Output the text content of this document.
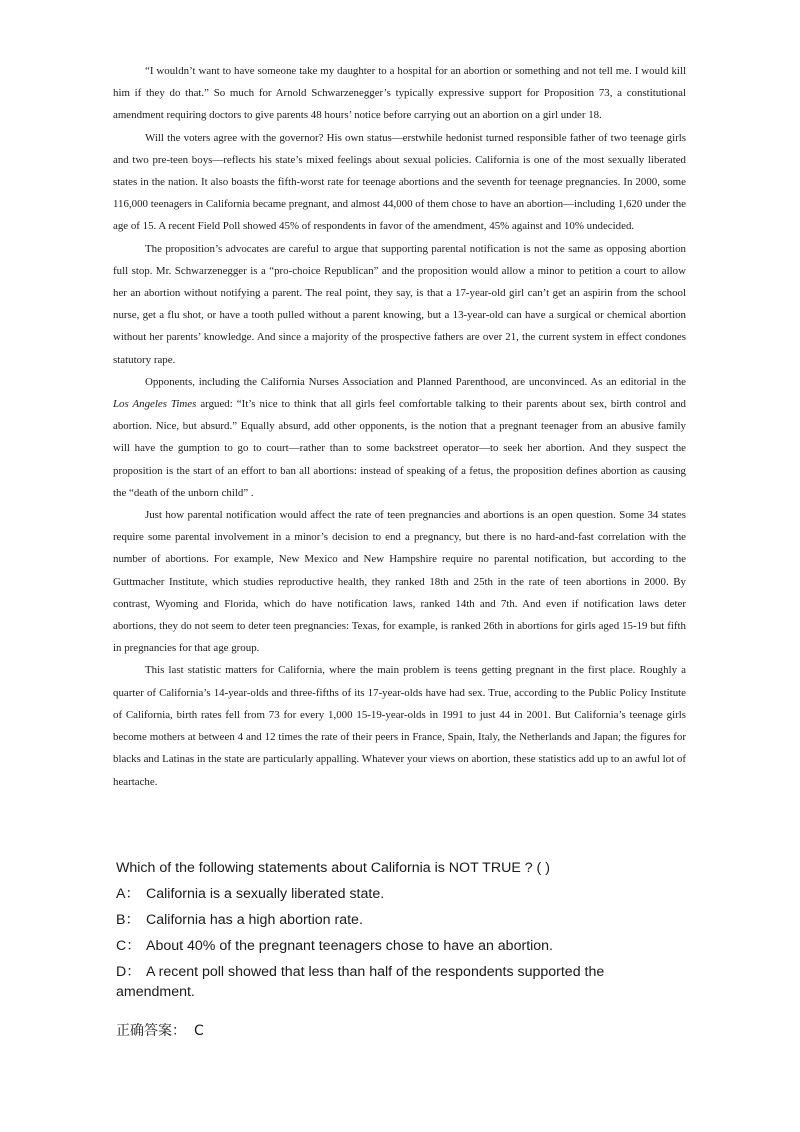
“I wouldn’t want to have someone take my daughter to a hospital for an abortion or something and not tell me. I would kill him if they do that.” So much for Arnold Schwarzenegger’s typically expressive support for Proposition 73, a constitutional amendment requiring doctors to give parents 48 hours’ notice before carrying out an abortion on a girl under 18.

Will the voters agree with the governor? His own status—erstwhile hedonist turned responsible father of two teenage girls and two pre-teen boys—reflects his state’s mixed feelings about sexual policies. California is one of the most sexually liberated states in the nation. It also boasts the fifth-worst rate for teenage abortions and the seventh for teenage pregnancies. In 2000, some 116,000 teenagers in California became pregnant, and almost 44,000 of them chose to have an abortion—including 1,620 under the age of 15. A recent Field Poll showed 45% of respondents in favor of the amendment, 45% against and 10% undecided.

The proposition’s advocates are careful to argue that supporting parental notification is not the same as opposing abortion full stop. Mr. Schwarzenegger is a “pro-choice Republican” and the proposition would allow a minor to petition a court to allow her an abortion without notifying a parent. The real point, they say, is that a 17-year-old girl can’t get an aspirin from the school nurse, get a flu shot, or have a tooth pulled without a parent knowing, but a 13-year-old can have a surgical or chemical abortion without her parents’ knowledge. And since a majority of the prospective fathers are over 21, the current system in effect condones statutory rape.

Opponents, including the California Nurses Association and Planned Parenthood, are unconvinced. As an editorial in the Los Angeles Times argued: “It’s nice to think that all girls feel comfortable talking to their parents about sex, birth control and abortion. Nice, but absurd.” Equally absurd, add other opponents, is the notion that a pregnant teenager from an abusive family will have the gumption to go to court—rather than to some backstreet operator—to seek her abortion. And they suspect the proposition is the start of an effort to ban all abortions: instead of speaking of a fetus, the proposition defines abortion as causing the “death of the unborn child” .

Just how parental notification would affect the rate of teen pregnancies and abortions is an open question. Some 34 states require some parental involvement in a minor’s decision to end a pregnancy, but there is no hard-and-fast correlation with the number of abortions. For example, New Mexico and New Hampshire require no parental notification, but according to the Guttmacher Institute, which studies reproductive health, they ranked 18th and 25th in the rate of teen abortions in 2000. By contrast, Wyoming and Florida, which do have notification laws, ranked 14th and 7th. And even if notification laws deter abortions, they do not seem to deter teen pregnancies: Texas, for example, is ranked 26th in abortions for girls aged 15-19 but fifth in pregnancies for that age group.

This last statistic matters for California, where the main problem is teens getting pregnant in the first place. Roughly a quarter of California’s 14-year-olds and three-fifths of its 17-year-olds have had sex. True, according to the Public Policy Institute of California, birth rates fell from 73 for every 1,000 15-19-year-olds in 1991 to just 44 in 2001. But California’s teenage girls become mothers at between 4 and 12 times the rate of their peers in France, Spain, Italy, the Netherlands and Japan; the figures for blacks and Latinas in the state are particularly appalling. Whatever your views on abortion, these statistics add up to an awful lot of heartache.

Which of the following statements about California is NOT TRUE ? ( )
A： California is a sexually liberated state.
B： California has a high abortion rate.
C： About 40% of the pregnant teenagers chose to have an abortion.
D： A recent poll showed that less than half of the respondents supported the amendment.
正确答案： C
